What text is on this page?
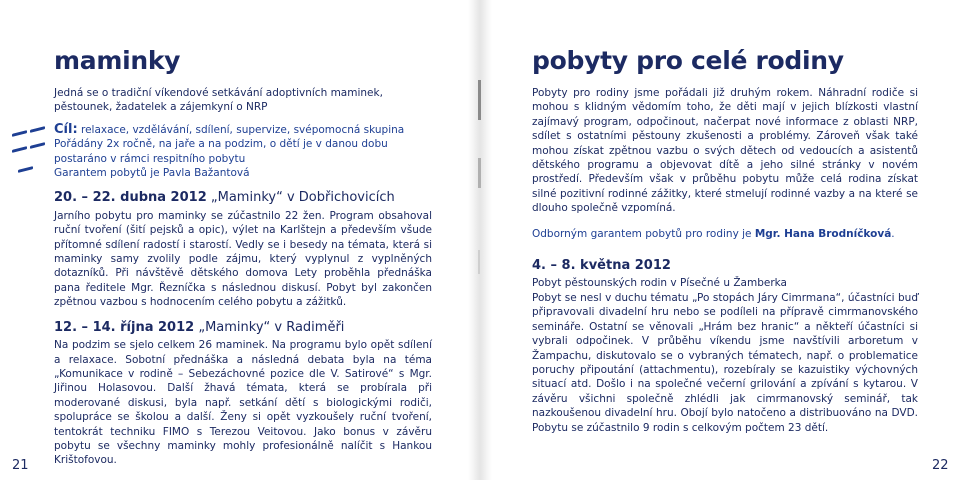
maminky

Jedná se o tradiční víkendové setkávání adoptivních maminek, pěstounek, žadatelek a zájemkyní o NRP

Cíl: relaxace, vzdělávání, sdílení, supervize, svépomocná skupina

Pořádány 2x ročně, na jaře a na podzim, o dětí je v danou dobu postaráno v rámci respitního pobytu

Garantem pobytů je Pavla Bažantová

20. – 22. dubna 2012 „Maminky“ v Dobřichovicích

Jarního pobytu pro maminky se zúčastnilo 22 žen. Program obsahoval ruční tvoření (šití pejsků a opic), výlet na Karlštejn a především všude přítomné sdílení radostí i starostí. Vedly se i besedy na témata, která si maminky samy zvolily podle zájmu, který vyplynul z vyplněných dotazníků. Při návštěvě dětského domova Lety proběhla přednáška pana ředitele Mgr. Řezníčka s následnou diskusí. Pobyt byl zakončen zpětnou vazbou s hodnocením celého pobytu a zážitků.

12. – 14. října 2012 „Maminky“ v Radiměři

Na podzim se sjelo celkem 26 maminek. Na programu bylo opět sdílení a relaxace. Sobotní přednáška a následná debata byla na téma „Komunikace v rodině – Sebezáchovné pozice dle V. Satirové“ s Mgr. Jiřinou Holasovou. Další žhavá témata, která se probírala při moderované diskusi, byla např. setkání dětí s biologickými rodiči, spolupráce se školou a další. Ženy si opět vyzkoušely ruční tvoření, tentokrát techniku FIMO s Terezou Veitovou. Jako bonus v závěru pobytu se všechny maminky mohly profesionálně nalíčit s Hankou Krištofovou.

21
pobyty pro celé rodiny

Pobyty pro rodiny jsme pořádali již druhým rokem. Náhradní rodiče si mohou s klidným vědomím toho, že děti mají v jejich blízkosti vlastní zajímavý program, odpočinout, načerpat nové informace z oblasti NRP, sdílet s ostatními pěstouny zkušenosti a problémy. Zároveň však také mohou získat zpětnou vazbu o svých dětech od vedoucích a asistentů dětského programu a objevovat dítě a jeho silné stránky v novém prostředí. Především však v průběhu pobytu může celá rodina získat silné pozitivní rodinné zážitky, které stmelují rodinné vazby a na které se dlouho společně vzpomíná.

Odborným garantem pobytů pro rodiny je Mgr. Hana Brodníčková.

4. – 8. května 2012

Pobyt pěstounských rodin v Písečné u Žamberka

Pobyt se nesl v duchu tématu „Po stopách Járy Cimrmana“, účastníci buď připravovali divadelní hru nebo se podíleli na přípravě cimrmanovského semináře. Ostatní se věnovali „Hrám bez hranic“ a někteří účastníci si vybrali odpočinek. V průběhu víkendu jsme navštívili arboretum v Žampachu, diskutovalo se o vybraných tématech, např. o problematice poruchy připoutání (attachmentu), rozebíraly se kazuistiky výchovných situací atd. Došlo i na společné večerní grilování a zpívání s kytarou. V závěru všichni společně zhlédli jak cimrmanovský seminář, tak nazkoušenou divadelní hru. Obojí bylo natočeno a distribuováno na DVD. Pobytu se zúčastnilo 9 rodin s celkovým počtem 23 dětí.

22
